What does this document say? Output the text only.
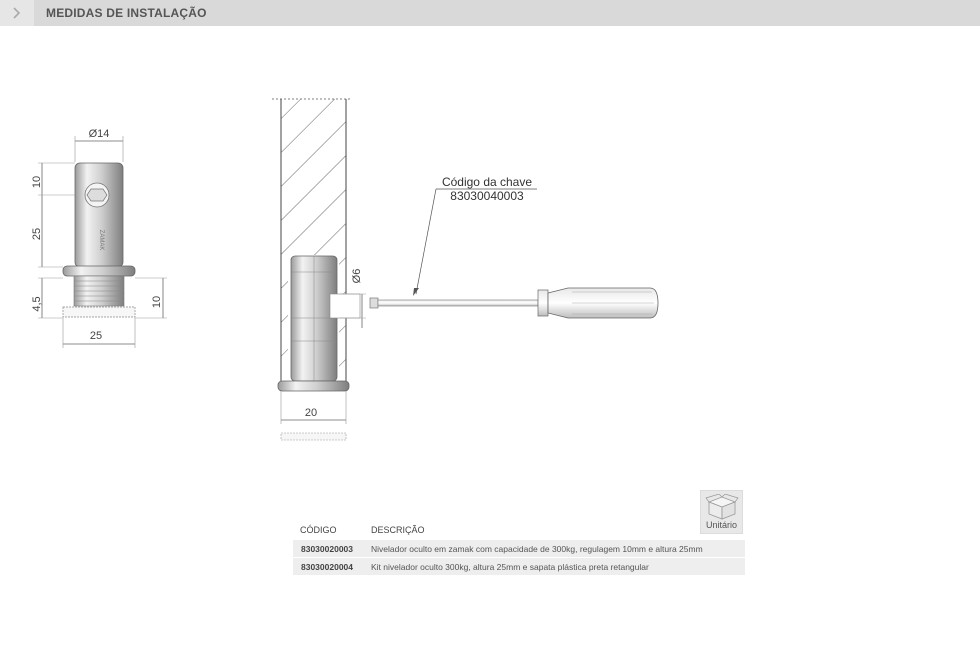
MEDIDAS DE INSTALAÇÃO
Ø14
ZAMAK
10
25
4,5	10
25
Ø6
20
Código da chave
83030040003
Unitário
CÓDIGO	DESCRIÇÃO
83030020003 Nivelador oculto em zamak com capacidade de 300kg, regulagem 10mm e altura 25mm
83030020004 Kit nivelador oculto 300kg, altura 25mm e sapata plástica preta retangular
